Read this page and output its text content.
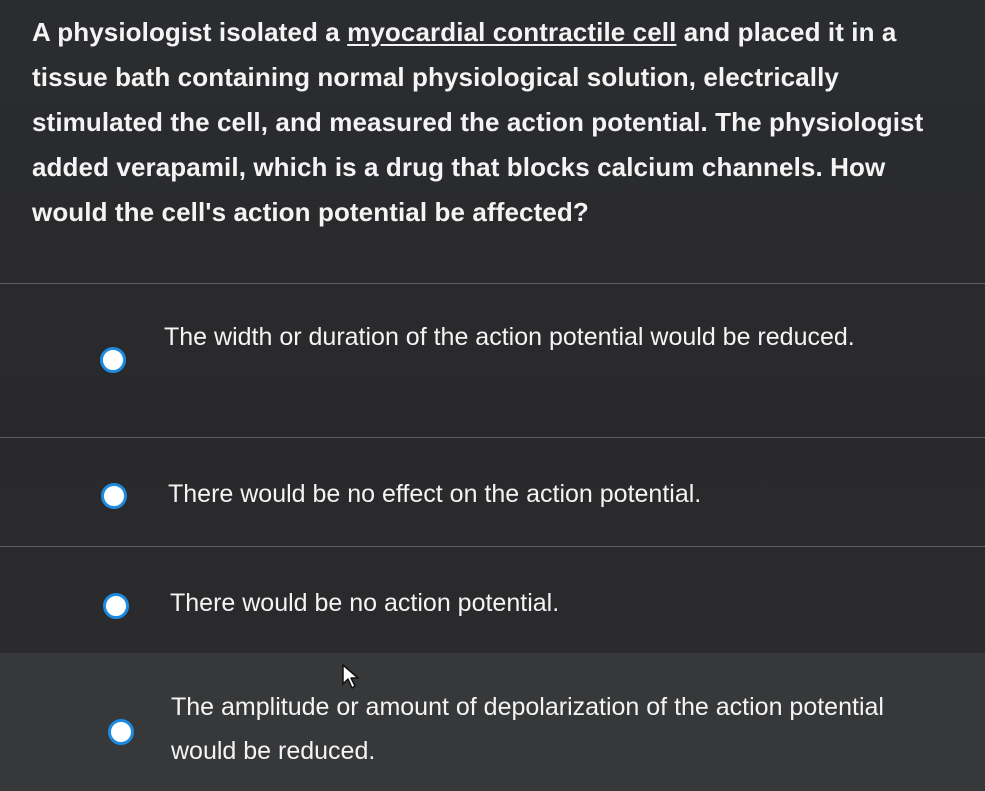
A physiologist isolated a myocardial contractile cell and placed it in a tissue bath containing normal physiological solution, electrically stimulated the cell, and measured the action potential. The physiologist added verapamil, which is a drug that blocks calcium channels. How would the cell's action potential be affected?
The width or duration of the action potential would be reduced.
There would be no effect on the action potential.
There would be no action potential.
The amplitude or amount of depolarization of the action potential would be reduced.
